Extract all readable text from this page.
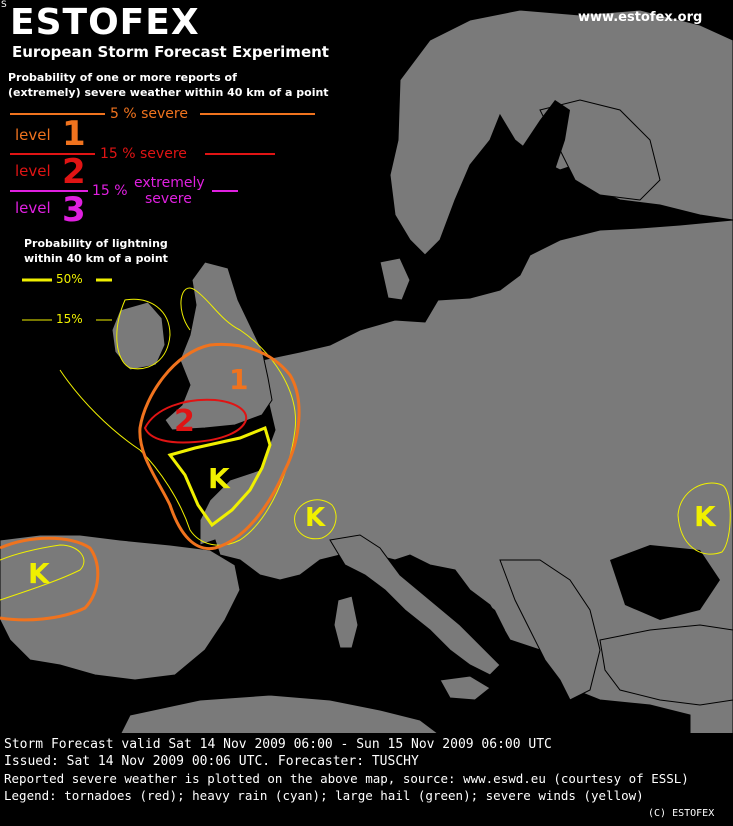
S ESTOFEX
European Storm Forecast Experiment
www.estofex.org
Probability of one or more reports of
(extremely) severe weather within 40 km of a point
5 % severe
level 1 15 % severe
level 2 15 % extremely
severe
level 3
Probability of lightning
within 40 km of a point
50%
15%
1
2
K
K
K
K
Storm Forecast valid Sat 14 Nov 2009 06:00 - Sun 15 Nov 2009 06:00 UTC
Issued: Sat 14 Nov 2009 00:06 UTC. Forecaster: TUSCHY
Reported severe weather is plotted on the above map, source: www.eswd.eu (courtesy of ESSL)
Legend: tornadoes (red); heavy rain (cyan); large hail (green); severe winds (yellow)
(C) ESTOFEX
